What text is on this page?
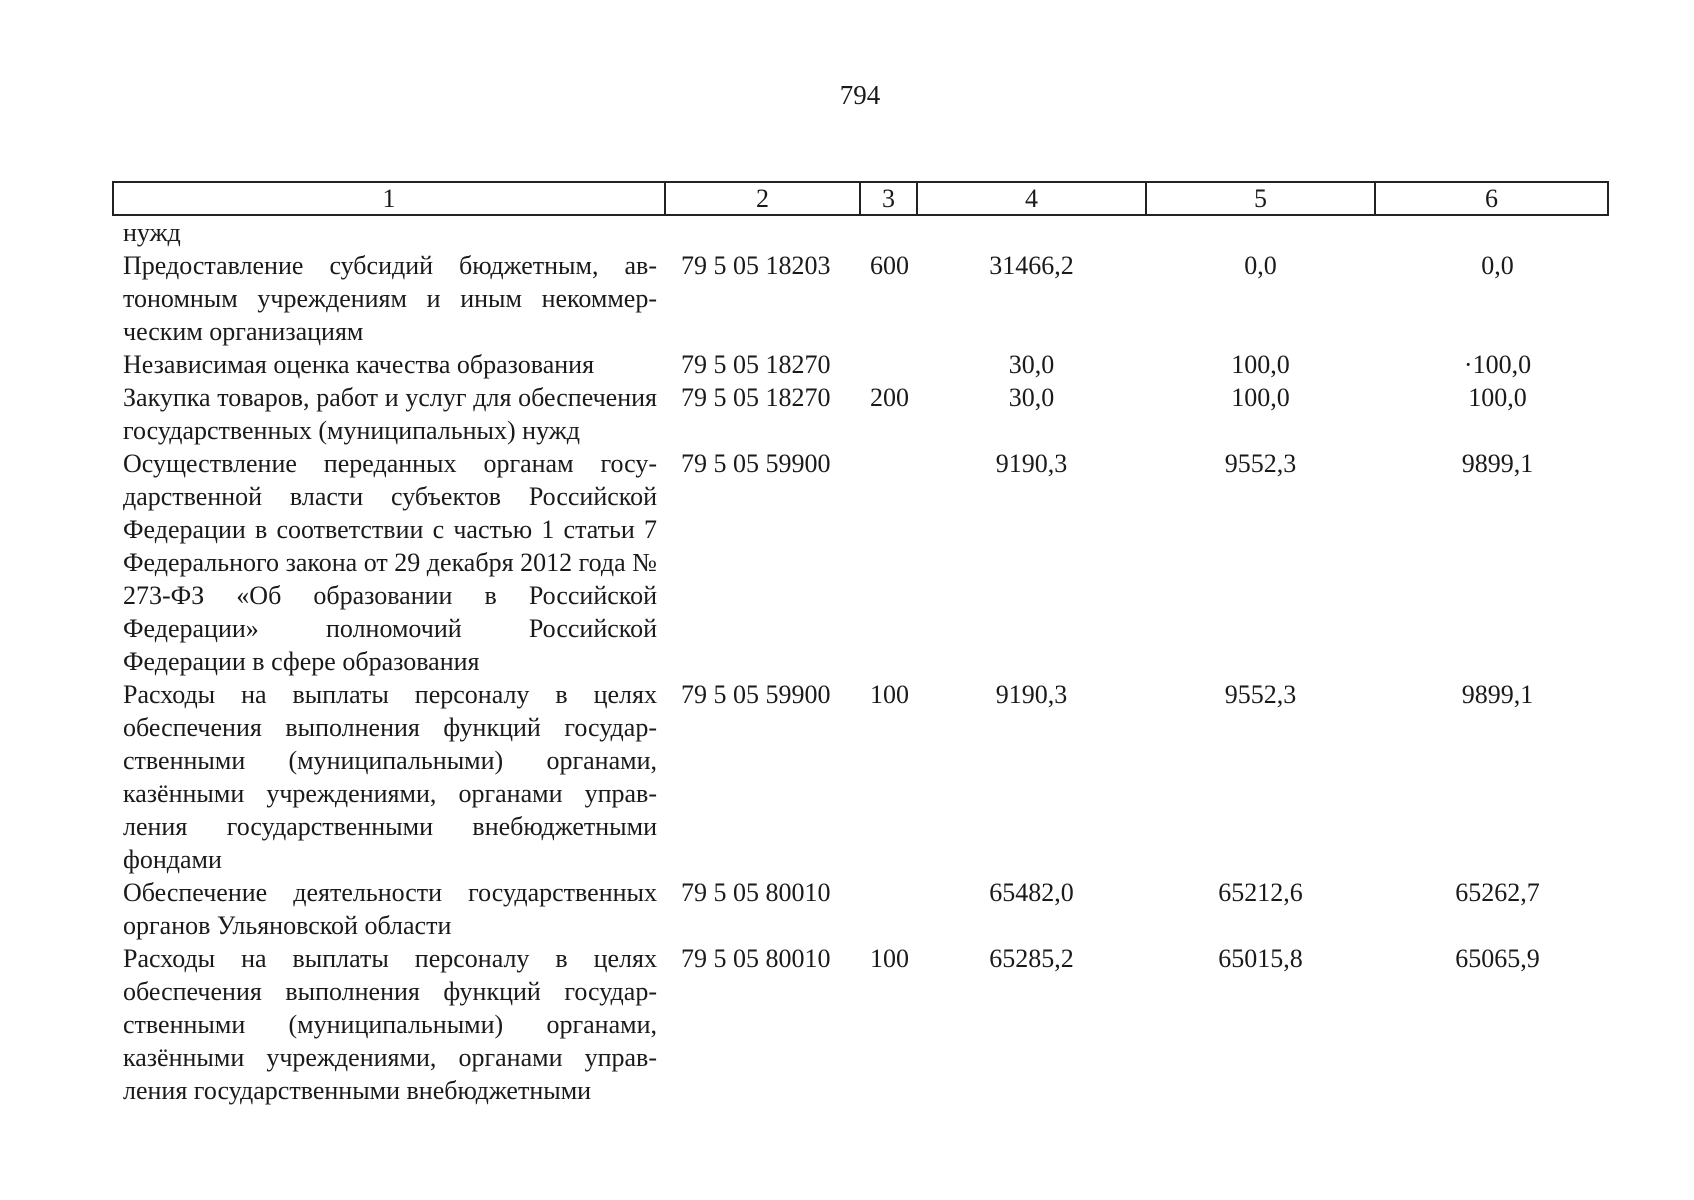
794
1	2	3	4	5	6
нужд					
Предоставление субсидий бюджетным, автономным учреждениям и иным некоммерческим организациям	79 5 05 18203	600	31466,2	0,0	0,0
Независимая оценка качества образования	79 5 05 18270		30,0	100,0	·100,0
Закупка товаров, работ и услуг для обеспечения государственных (муниципальных) нужд	79 5 05 18270	200	30,0	100,0	100,0
Осуществление переданных органам государственной власти субъектов Российской Федерации в соответствии с частью 1 статьи 7 Федерального закона от 29 декабря 2012 года № 273-ФЗ «Об образовании в Российской Федерации» полномочий Российской Федерации в сфере образования	79 5 05 59900		9190,3	9552,3	9899,1
Расходы на выплаты персоналу в целях обеспечения выполнения функций государственными (муниципальными) органами, казёнными учреждениями, органами управления государственными внебюджетными фондами	79 5 05 59900	100	9190,3	9552,3	9899,1
Обеспечение деятельности государственных органов Ульяновской области	79 5 05 80010		65482,0	65212,6	65262,7
Расходы на выплаты персоналу в целях обеспечения выполнения функций государственными (муниципальными) органами, казёнными учреждениями, органами управления государственными внебюджетными	79 5 05 80010	100	65285,2	65015,8	65065,9
